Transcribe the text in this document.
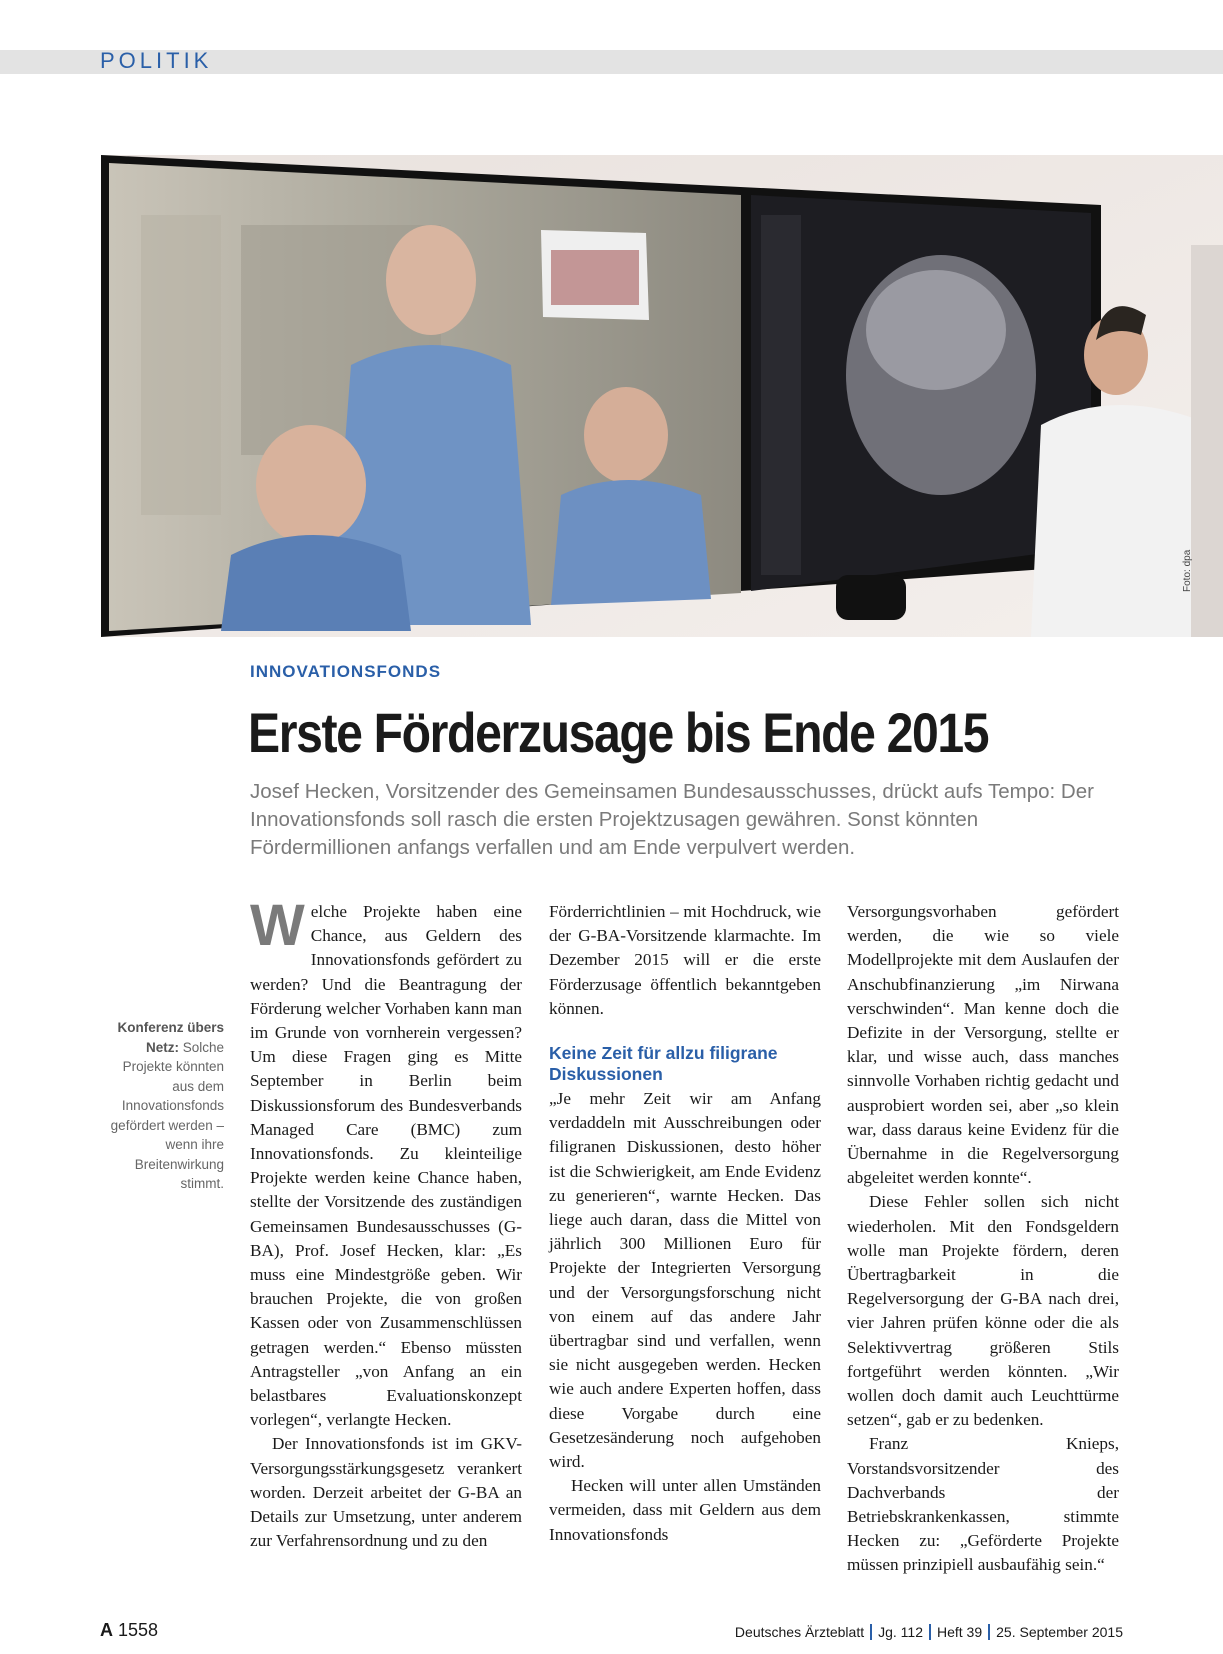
POLITIK
Foto: dpa
INNOVATIONSFONDS
Erste Förderzusage bis Ende 2015
Josef Hecken, Vorsitzender des Gemeinsamen Bundesausschusses, drückt aufs Tempo: Der Innovationsfonds soll rasch die ersten Projektzusagen gewähren. Sonst könnten Fördermillionen anfangs verfallen und am Ende verpulvert werden.
Konferenz übers Netz: Solche Projekte könnten aus dem Innovationsfonds gefördert werden – wenn ihre Breitenwirkung stimmt.

Welche Projekte haben eine Chance, aus Geldern des Innovationsfonds gefördert zu werden? Und die Beantragung der Förderung welcher Vorhaben kann man im Grunde von vornherein vergessen? Um diese Fragen ging es Mitte September in Berlin beim Diskussionsforum des Bundesverbands Managed Care (BMC) zum Innovationsfonds. Zu kleinteilige Projekte werden keine Chance haben, stellte der Vorsitzende des zuständigen Gemeinsamen Bundesausschusses (G-BA), Prof. Josef Hecken, klar: „Es muss eine Mindestgröße geben. Wir brauchen Projekte, die von großen Kassen oder von Zusammenschlüssen getragen werden.“ Ebenso müssten Antragsteller „von Anfang an ein belastbares Evaluationskonzept vorlegen“, verlangte Hecken.

Der Innovationsfonds ist im GKV-Versorgungsstärkungsgesetz verankert worden. Derzeit arbeitet der G-BA an Details zur Umsetzung, unter anderem zur Verfahrensordnung und zu den

Förderrichtlinien – mit Hochdruck, wie der G-BA-Vorsitzende klarmachte. Im Dezember 2015 will er die erste Förderzusage öffentlich bekanntgeben können.

Keine Zeit für allzu filigrane Diskussionen

„Je mehr Zeit wir am Anfang verdaddeln mit Ausschreibungen oder filigranen Diskussionen, desto höher ist die Schwierigkeit, am Ende Evidenz zu generieren“, warnte Hecken. Das liege auch daran, dass die Mittel von jährlich 300 Millionen Euro für Projekte der Integrierten Versorgung und der Versorgungsforschung nicht von einem auf das andere Jahr übertragbar sind und verfallen, wenn sie nicht ausgegeben werden. Hecken wie auch andere Experten hoffen, dass diese Vorgabe durch eine Gesetzesänderung noch aufgehoben wird.

Hecken will unter allen Umständen vermeiden, dass mit Geldern aus dem Innovationsfonds

Versorgungsvorhaben gefördert werden, die wie so viele Modellprojekte mit dem Auslaufen der Anschubfinanzierung „im Nirwana verschwinden“. Man kenne doch die Defizite in der Versorgung, stellte er klar, und wisse auch, dass manches sinnvolle Vorhaben richtig gedacht und ausprobiert worden sei, aber „so klein war, dass daraus keine Evidenz für die Übernahme in die Regelversorgung abgeleitet werden konnte“.

Diese Fehler sollen sich nicht wiederholen. Mit den Fondsgeldern wolle man Projekte fördern, deren Übertragbarkeit in die Regelversorgung der G-BA nach drei, vier Jahren prüfen könne oder die als Selektivvertrag größeren Stils fortgeführt werden könnten. „Wir wollen doch damit auch Leuchttürme setzen“, gab er zu bedenken.

Franz Knieps, Vorstandsvorsitzender des Dachverbands der Betriebskrankenkassen, stimmte Hecken zu: „Geförderte Projekte müssen prinzipiell ausbaufähig sein.“

A 1558	Deutsches Ärzteblatt Jg. 112 Heft 39 25. September 2015
